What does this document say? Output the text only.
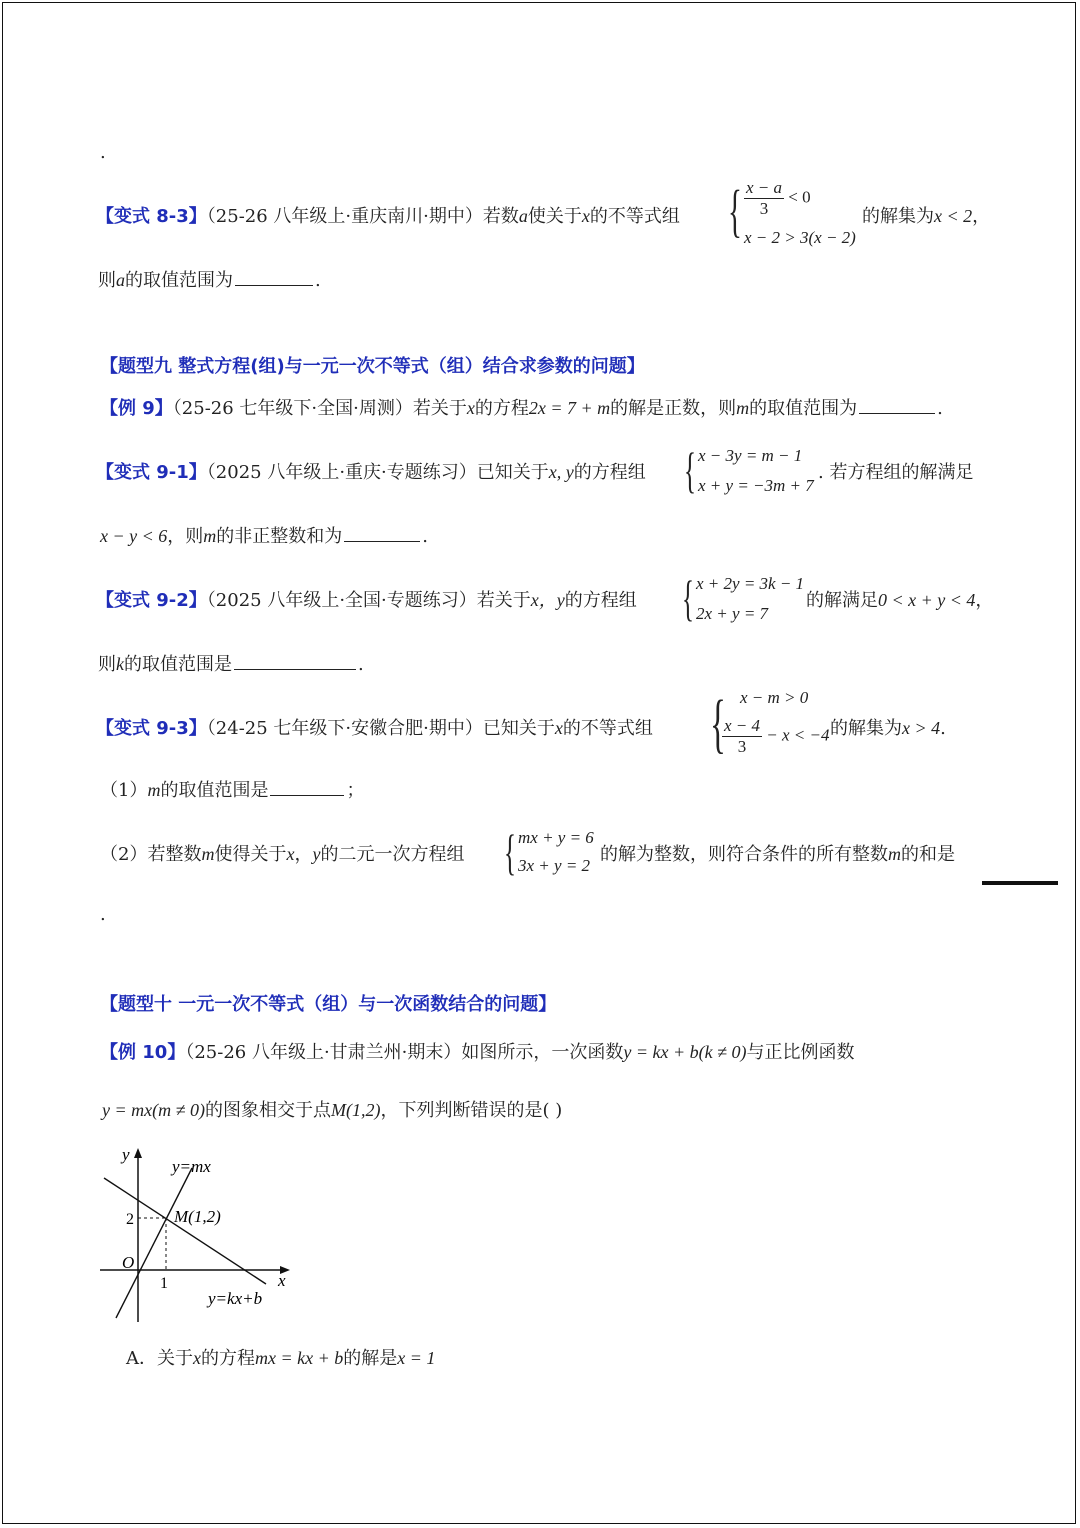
.
【变式 8-3】（25-26 八年级上·重庆南川·期中）若数a使关于x的不等式组 { $\frac{x - a}{3} < 0$
x − 2 > 3(x − 2)
的解集为x < 2，
则a的取值范围为	.
【题型九 整式方程(组)与一元一次不等式（组）结合求参数的问题】
【例 9】（25-26 七年级下·全国·周测）若关于x的方程2x = 7 + m的解是正数，则m的取值范围为	.
【变式 9-1】（2025 八年级上·重庆·专题练习）已知关于x, y的方程组 { x − 3y = m − 1
x + y = −3m + 7
. 若方程组的解满足
x − y < 6，则m的非正整数和为	.
【变式 9-2】（2025 八年级上·全国·专题练习）若关于x，y的方程组 { x + 2y = 3k − 1
2x + y = 7
的解满足0 < x + y < 4，
则k的取值范围是	.
【变式 9-3】（24-25 七年级下·安徽合肥·期中）已知关于x的不等式组 { x − m > 0
$\frac{x - 4}{3} - x < -4$ 的解集为x > 4.
（1）m的取值范围是	；
（2）若整数m使得关于x，y的二元一次方程组 { mx + y = 6
3x + y = 2
的解为整数，则符合条件的所有整数m的和是
.
【题型十 一元一次不等式（组）与一次函数结合的问题】
【例 10】（25-26 八年级上·甘肃兰州·期末）如图所示，一次函数y = kx + b(k ≠ 0)与正比例函数
y = mx(m ≠ 0)的图象相交于点M(1,2)，下列判断错误的是( )
y
x
O
1
2
y=mx
y=kx+b
M(1,2)
A．关于x的方程mx = kx + b的解是x = 1
